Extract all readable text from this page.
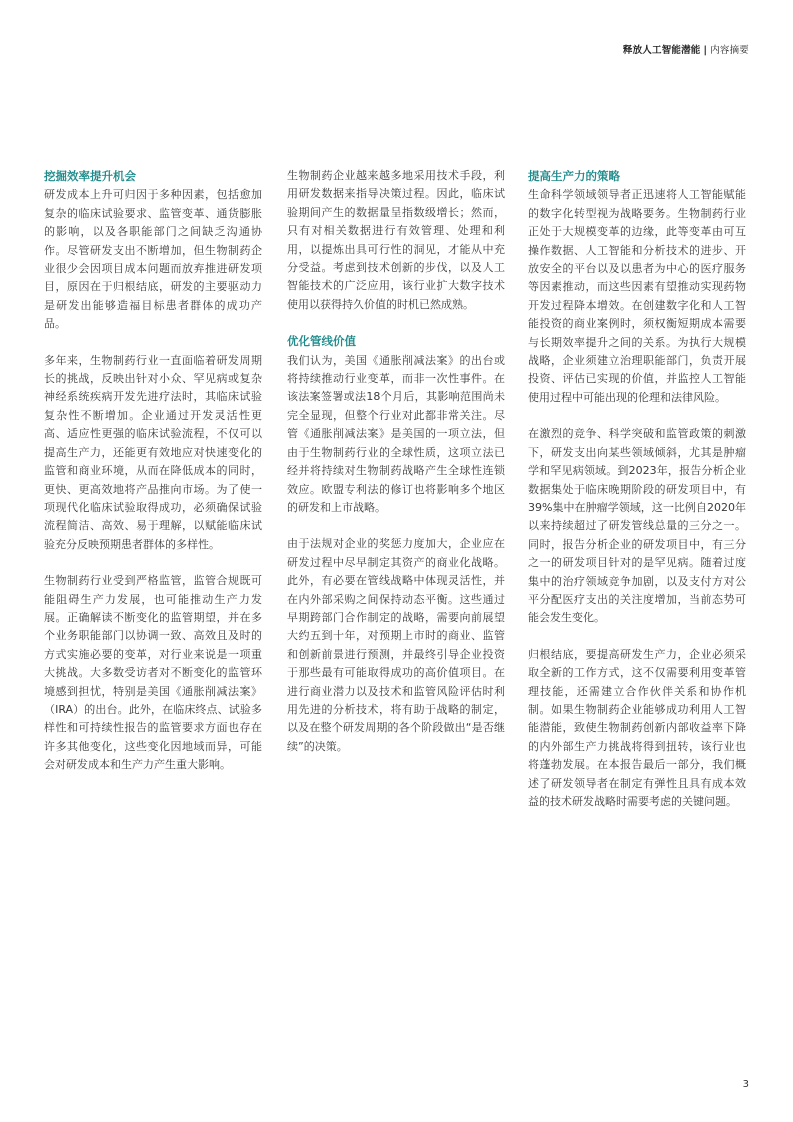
释放人工智能潜能 | 内容摘要
挖掘效率提升机会

研发成本上升可归因于多种因素，包括愈加复杂的临床试验要求、监管变革、通货膨胀的影响，以及各职能部门之间缺乏沟通协作。尽管研发支出不断增加，但生物制药企业很少会因项目成本问题而放弃推进研发项目，原因在于归根结底，研发的主要驱动力是研发出能够造福目标患者群体的成功产品。

多年来，生物制药行业一直面临着研发周期长的挑战，反映出针对小众、罕见病或复杂神经系统疾病开发先进疗法时，其临床试验复杂性不断增加。企业通过开发灵活性更高、适应性更强的临床试验流程，不仅可以提高生产力，还能更有效地应对快速变化的监管和商业环境，从而在降低成本的同时，更快、更高效地将产品推向市场。为了使一项现代化临床试验取得成功，必须确保试验流程简洁、高效、易于理解，以赋能临床试验充分反映预期患者群体的多样性。

生物制药行业受到严格监管，监管合规既可能阻碍生产力发展，也可能推动生产力发展。正确解读不断变化的监管期望，并在多个业务职能部门以协调一致、高效且及时的方式实施必要的变革，对行业来说是一项重大挑战。大多数受访者对不断变化的监管环境感到担忧，特别是美国《通胀削减法案》（IRA）的出台。此外，在临床终点、试验多样性和可持续性报告的监管要求方面也存在许多其他变化，这些变化因地域而异，可能会对研发成本和生产力产生重大影响。

生物制药企业越来越多地采用技术手段，利用研发数据来指导决策过程。因此，临床试验期间产生的数据量呈指数级增长；然而，只有对相关数据进行有效管理、处理和利用，以提炼出具可行性的洞见，才能从中充分受益。考虑到技术创新的步伐，以及人工智能技术的广泛应用，该行业扩大数字技术使用以获得持久价值的时机已然成熟。

优化管线价值

我们认为，美国《通胀削减法案》的出台或将持续推动行业变革，而非一次性事件。在该法案签署或法18个月后，其影响范围尚未完全显现，但整个行业对此都非常关注。尽管《通胀削减法案》是美国的一项立法，但由于生物制药行业的全球性质，这项立法已经并将持续对生物制药战略产生全球性连锁效应。欧盟专利法的修订也将影响多个地区的研发和上市战略。

由于法规对企业的奖惩力度加大，企业应在研发过程中尽早制定其资产的商业化战略。此外，有必要在管线战略中体现灵活性，并在内外部采购之间保持动态平衡。这些通过早期跨部门合作制定的战略，需要向前展望大约五到十年，对预期上市时的商业、监管和创新前景进行预测，并最终引导企业投资于那些最有可能取得成功的高价值项目。在进行商业潜力以及技术和监管风险评估时利用先进的分析技术，将有助于战略的制定，以及在整个研发周期的各个阶段做出“是否继续”的决策。

提高生产力的策略

生命科学领域领导者正迅速将人工智能赋能的数字化转型视为战略要务。生物制药行业正处于大规模变革的边缘，此等变革由可互操作数据、人工智能和分析技术的进步、开放安全的平台以及以患者为中心的医疗服务等因素推动，而这些因素有望推动实现药物开发过程降本增效。在创建数字化和人工智能投资的商业案例时，须权衡短期成本需要与长期效率提升之间的关系。为执行大规模战略，企业须建立治理职能部门，负责开展投资、评估已实现的价值，并监控人工智能使用过程中可能出现的伦理和法律风险。

在激烈的竞争、科学突破和监管政策的刺激下，研发支出向某些领域倾斜，尤其是肿瘤学和罕见病领域。到2023年，报告分析企业数据集处于临床晚期阶段的研发项目中，有39%集中在肿瘤学领域，这一比例自2020年以来持续超过了研发管线总量的三分之一。同时，报告分析企业的研发项目中，有三分之一的研发项目针对的是罕见病。随着过度集中的治疗领域竞争加剧，以及支付方对公平分配医疗支出的关注度增加，当前态势可能会发生变化。

归根结底，要提高研发生产力，企业必须采取全新的工作方式，这不仅需要利用变革管理技能，还需建立合作伙伴关系和协作机制。如果生物制药企业能够成功利用人工智能潜能，致使生物制药创新内部收益率下降的内外部生产力挑战将得到扭转，该行业也将蓬勃发展。在本报告最后一部分，我们概述了研发领导者在制定有弹性且具有成本效益的技术研发战略时需要考虑的关键问题。

3
